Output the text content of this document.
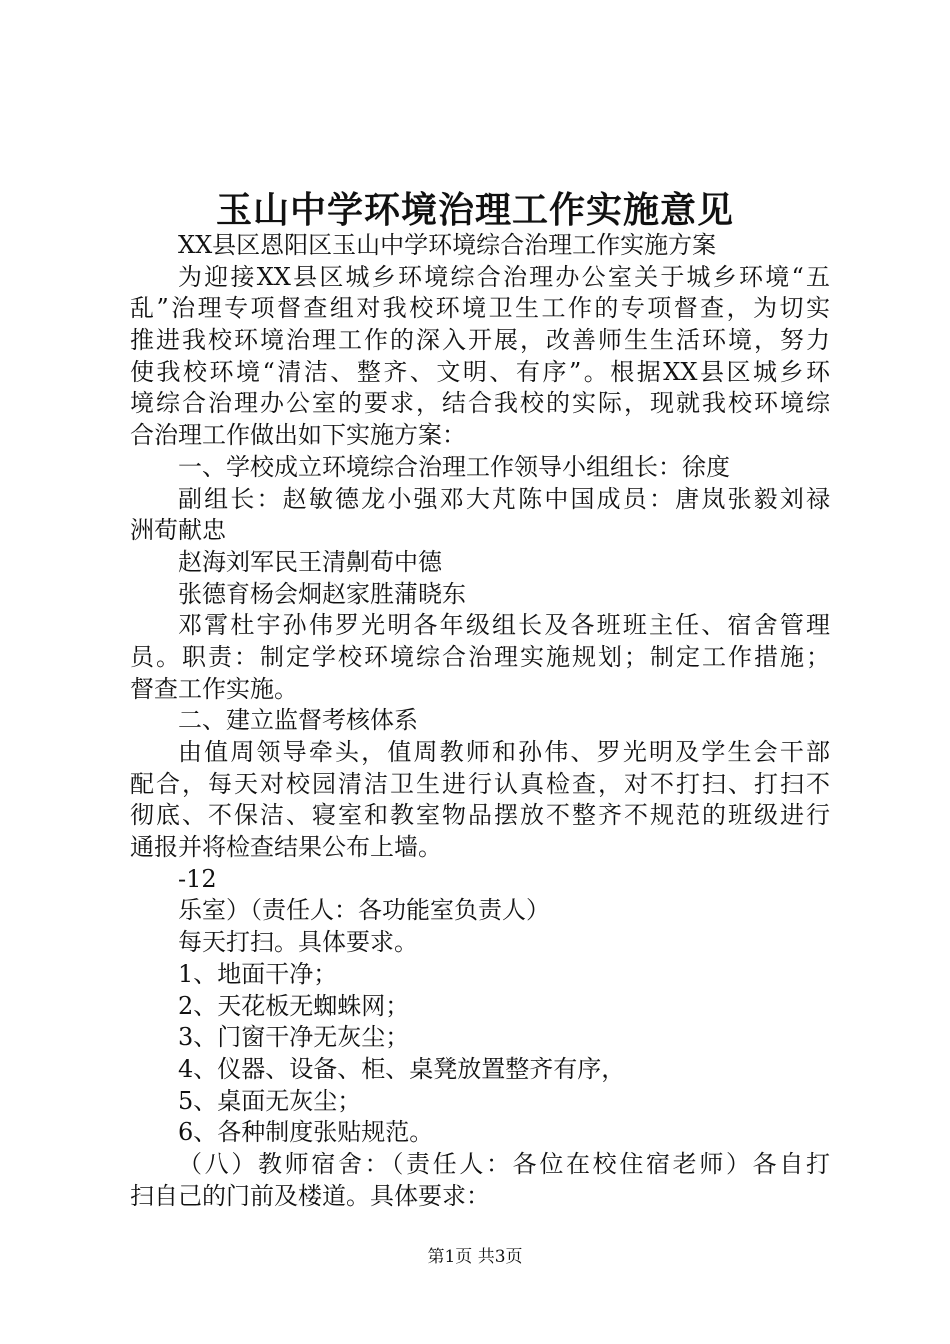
玉山中学环境治理工作实施意见
XX县区恩阳区玉山中学环境综合治理工作实施方案
为迎接XX县区城乡环境综合治理办公室关于城乡环境“五
乱”治理专项督查组对我校环境卫生工作的专项督查，为切实
推进我校环境治理工作的深入开展，改善师生生活环境，努力
使我校环境“清洁、整齐、文明、有序”。根据XX县区城乡环
境综合治理办公室的要求，结合我校的实际，现就我校环境综
合治理工作做出如下实施方案：
一、学校成立环境综合治理工作领导小组组长：徐度
副组长：赵敏德龙小强邓大芃陈中国成员：唐岚张毅刘禄
洲荀献忠
赵海刘军民王清劓荀中德
张德育杨会炯赵家胜蒲晓东
邓霄杜宇孙伟罗光明各年级组长及各班班主任、宿舍管理
员。职责：制定学校环境综合治理实施规划；制定工作措施；
督查工作实施。
二、建立监督考核体系
由值周领导牵头，值周教师和孙伟、罗光明及学生会干部
配合，每天对校园清洁卫生进行认真检查，对不打扫、打扫不
彻底、不保洁、寝室和教室物品摆放不整齐不规范的班级进行
通报并将检查结果公布上墙。
-12
乐室）（责任人：各功能室负责人）
每天打扫。具体要求。
1、地面干净；
2、天花板无蜘蛛网；
3、门窗干净无灰尘；
4、仪器、设备、柜、桌凳放置整齐有序，
5、桌面无灰尘；
6、各种制度张贴规范。
（八）教师宿舍：（责任人：各位在校住宿老师）各自打
扫自己的门前及楼道。具体要求：
第1页 共3页
